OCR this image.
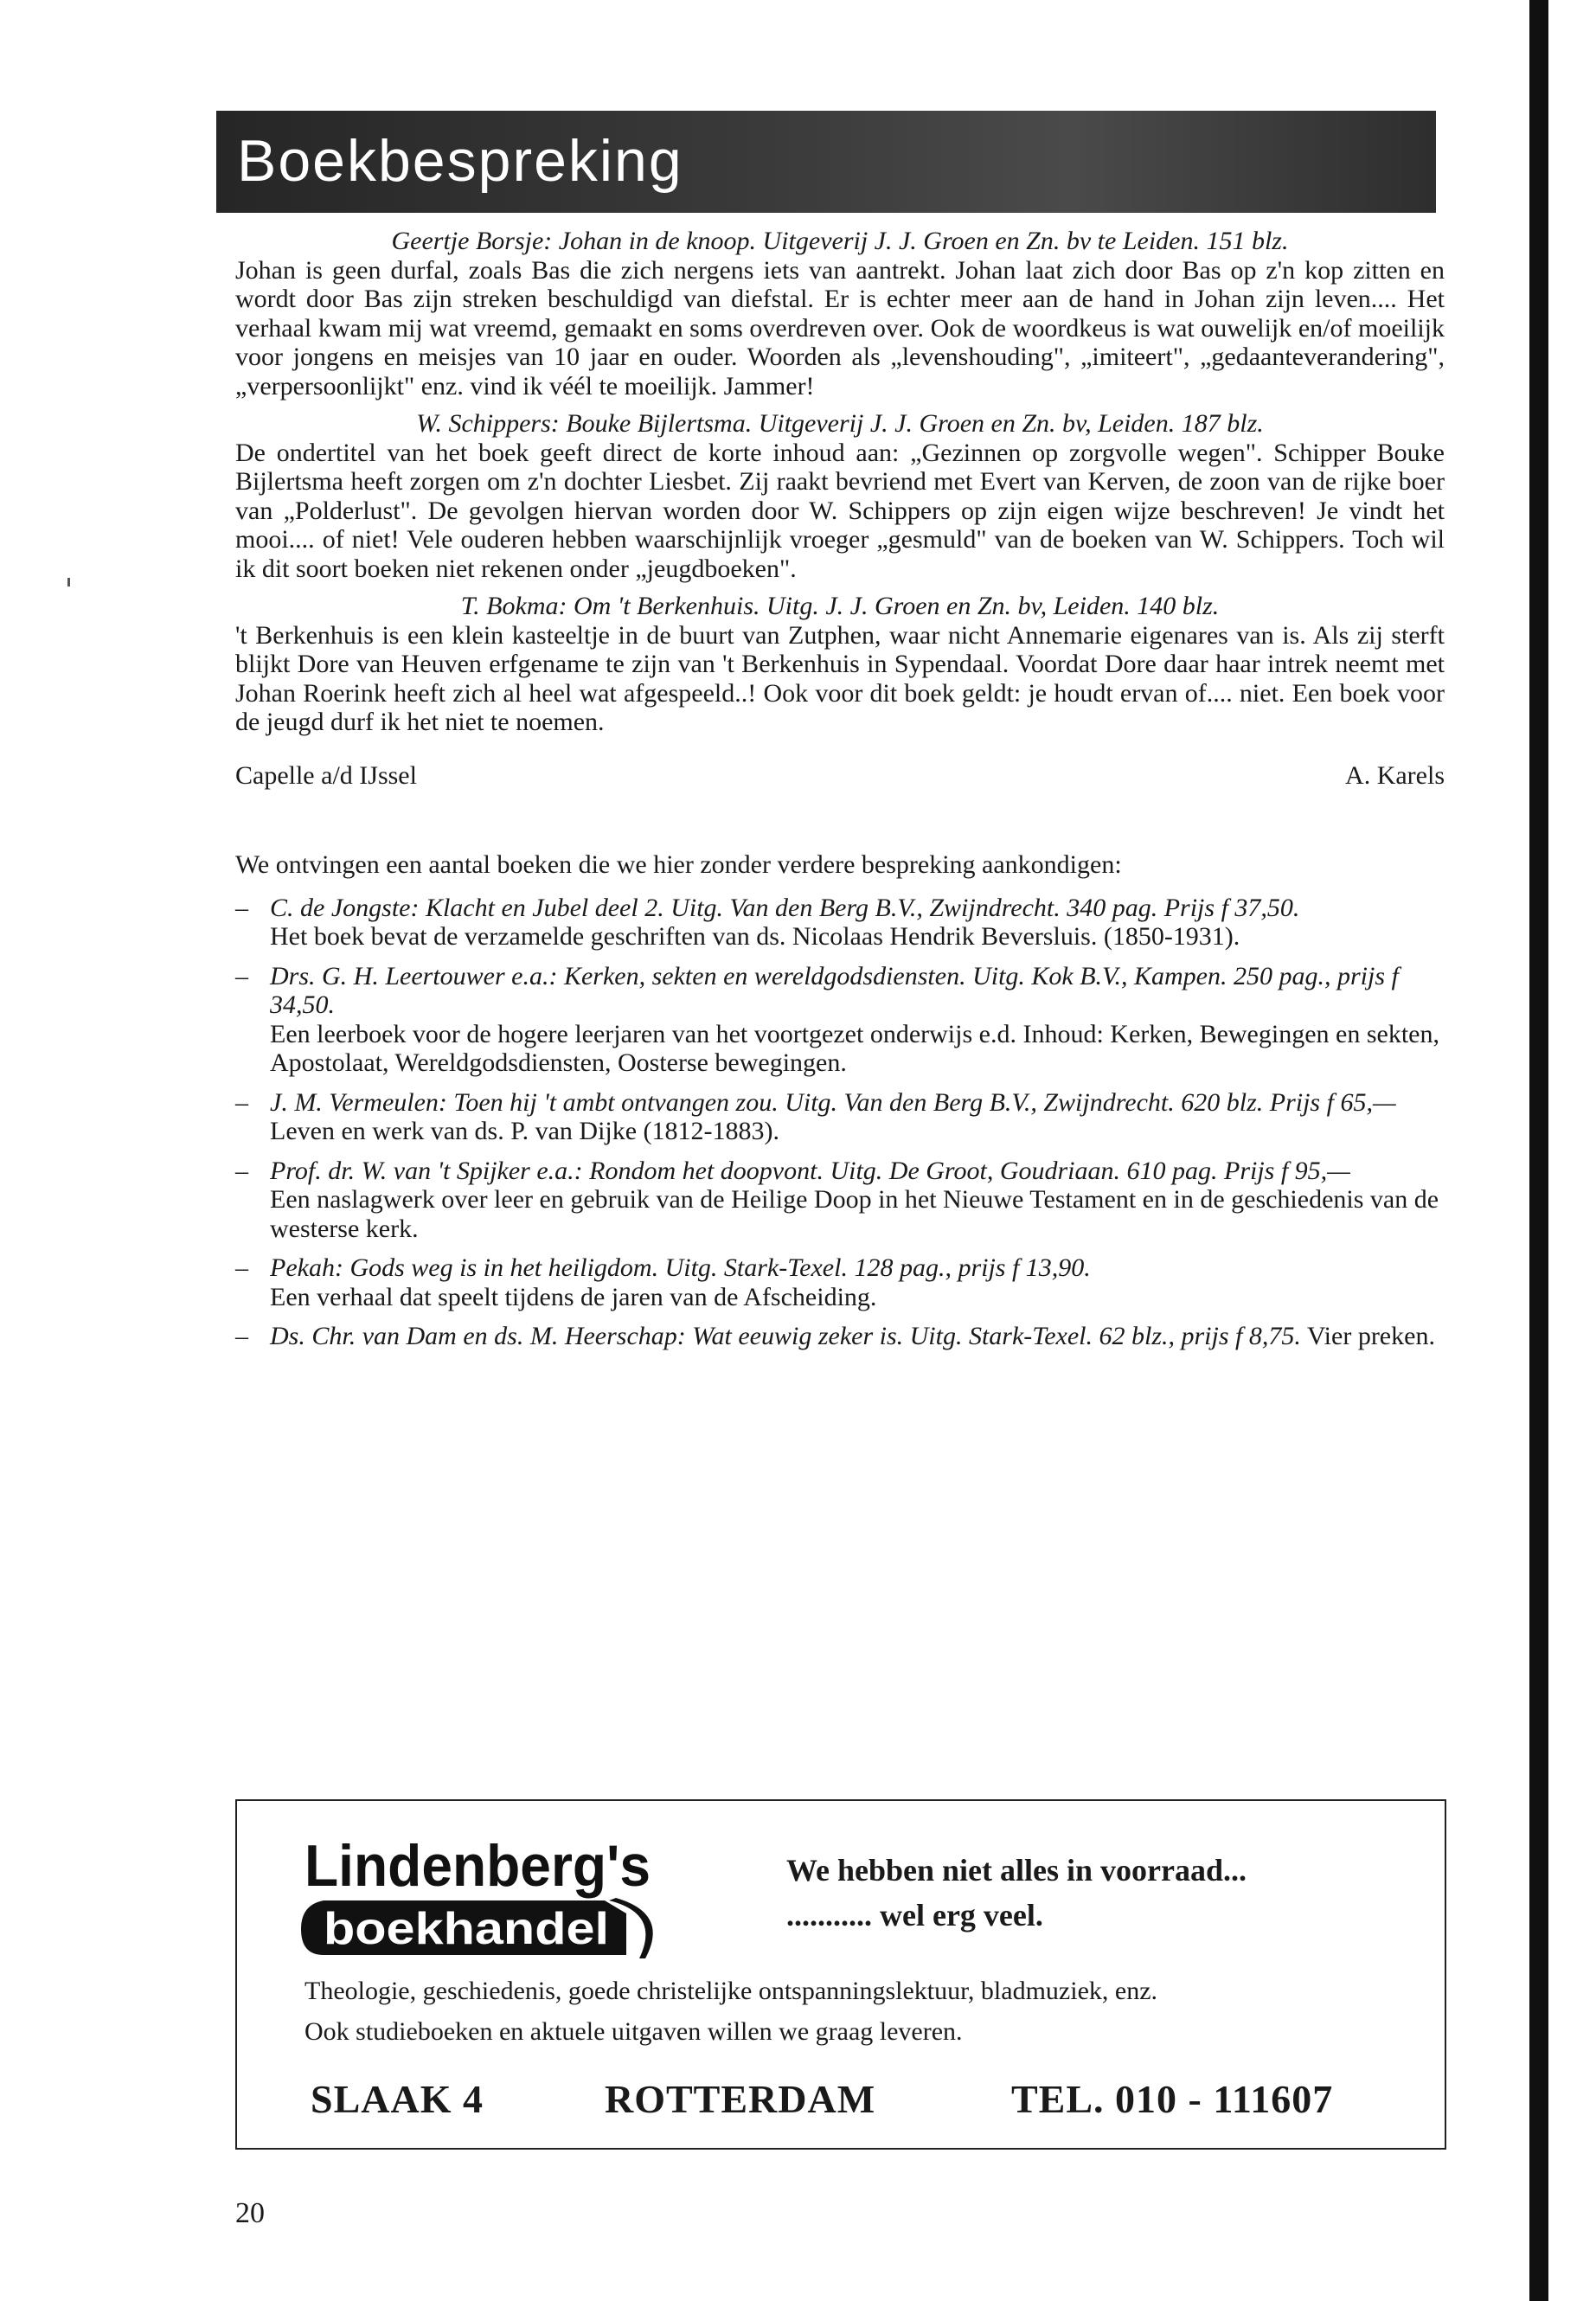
Boekbespreking

Geertje Borsje: Johan in de knoop. Uitgeverij J. J. Groen en Zn. bv te Leiden. 151 blz.

Johan is geen durfal, zoals Bas die zich nergens iets van aantrekt. Johan laat zich door Bas op z'n kop zitten en wordt door Bas zijn streken beschuldigd van diefstal. Er is echter meer aan de hand in Johan zijn leven.... Het verhaal kwam mij wat vreemd, gemaakt en soms overdreven over. Ook de woordkeus is wat ouwelijk en/of moeilijk voor jongens en meisjes van 10 jaar en ouder. Woorden als „levenshouding", „imiteert", „gedaanteverandering", „verpersoonlijkt" enz. vind ik véél te moeilijk. Jammer!

W. Schippers: Bouke Bijlertsma. Uitgeverij J. J. Groen en Zn. bv, Leiden. 187 blz.

De ondertitel van het boek geeft direct de korte inhoud aan: „Gezinnen op zorgvolle wegen". Schipper Bouke Bijlertsma heeft zorgen om z'n dochter Liesbet. Zij raakt bevriend met Evert van Kerven, de zoon van de rijke boer van „Polderlust". De gevolgen hiervan worden door W. Schippers op zijn eigen wijze beschreven! Je vindt het mooi.... of niet! Vele ouderen hebben waarschijnlijk vroeger „gesmuld" van de boeken van W. Schippers. Toch wil ik dit soort boeken niet rekenen onder „jeugdboeken".

T. Bokma: Om 't Berkenhuis. Uitg. J. J. Groen en Zn. bv, Leiden. 140 blz.

't Berkenhuis is een klein kasteeltje in de buurt van Zutphen, waar nicht Annemarie eigenares van is. Als zij sterft blijkt Dore van Heuven erfgename te zijn van 't Berkenhuis in Sypendaal. Voordat Dore daar haar intrek neemt met Johan Roerink heeft zich al heel wat afgespeeld..! Ook voor dit boek geldt: je houdt ervan of.... niet. Een boek voor de jeugd durf ik het niet te noemen.

Capelle a/d IJssel	A. Karels

We ontvingen een aantal boeken die we hier zonder verdere bespreking aankondigen:

– C. de Jongste: Klacht en Jubel deel 2. Uitg. Van den Berg B.V., Zwijndrecht. 340 pag. Prijs f 37,50.

Het boek bevat de verzamelde geschriften van ds. Nicolaas Hendrik Beversluis. (1850-1931).

– Drs. G. H. Leertouwer e.a.: Kerken, sekten en wereldgodsdiensten. Uitg. Kok B.V., Kampen. 250 pag., prijs f 34,50.

Een leerboek voor de hogere leerjaren van het voortgezet onderwijs e.d. Inhoud: Kerken, Bewegingen en sekten, Apostolaat, Wereldgodsdiensten, Oosterse bewegingen.

– J. M. Vermeulen: Toen hij 't ambt ontvangen zou. Uitg. Van den Berg B.V., Zwijndrecht. 620 blz. Prijs f 65,—

Leven en werk van ds. P. van Dijke (1812-1883).

– Prof. dr. W. van 't Spijker e.a.: Rondom het doopvont. Uitg. De Groot, Goudriaan. 610 pag. Prijs f 95,—

Een naslagwerk over leer en gebruik van de Heilige Doop in het Nieuwe Testament en in de geschiedenis van de westerse kerk.

– Pekah: Gods weg is in het heiligdom. Uitg. Stark-Texel. 128 pag., prijs f 13,90.

Een verhaal dat speelt tijdens de jaren van de Afscheiding.

– Ds. Chr. van Dam en ds. M. Heerschap: Wat eeuwig zeker is. Uitg. Stark-Texel. 62 blz., prijs f 8,75. Vier preken.

Lindenberg's
boekhandel
We hebben niet alles in voorraad...
........... wel erg veel.
Theologie, geschiedenis, goede christelijke ontspanningslektuur, bladmuziek, enz.
Ook studieboeken en aktuele uitgaven willen we graag leveren.
SLAAK 4	ROTTERDAM	TEL. 010 - 111607
20
